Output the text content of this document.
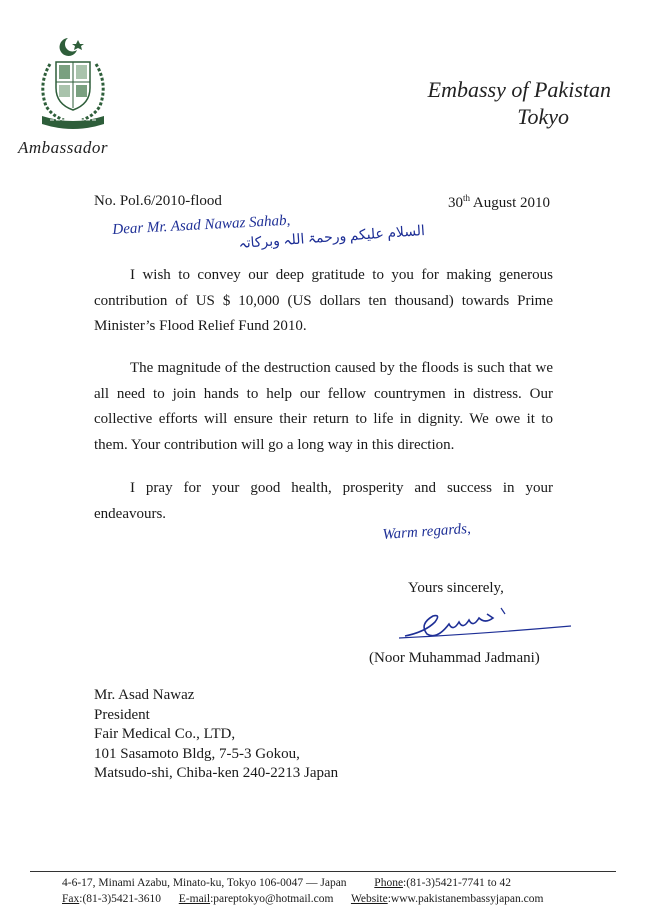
Ambassador
Embassy of Pakistan
Tokyo
No. Pol.6/2010-flood	30th August 2010
Dear Mr. Asad Nawaz Sahab,
السلام علیکم ورحمۃ اللہ وبرکاتہ
I wish to convey our deep gratitude to you for making generous contribution of US $ 10,000 (US dollars ten thousand) towards Prime Minister’s Flood Relief Fund 2010.
The magnitude of the destruction caused by the floods is such that we all need to join hands to help our fellow countrymen in distress. Our collective efforts will ensure their return to life in dignity. We owe it to them. Your contribution will go a long way in this direction.
I pray for your good health, prosperity and success in your endeavours.
Warm regards,
Yours sincerely,
(Noor Muhammad Jadmani)
Mr. Asad Nawaz
President
Fair Medical Co., LTD,
101 Sasamoto Bldg, 7-5-3 Gokou,
Matsudo-shi, Chiba-ken 240-2213 Japan
4-6-17, Minami Azabu, Minato-ku, Tokyo 106-0047 — Japan Phone:(81-3)5421-7741 to 42
Fax:(81-3)5421-3610 E-mail:pareptokyo@hotmail.com Website:www.pakistanembassyjapan.com
